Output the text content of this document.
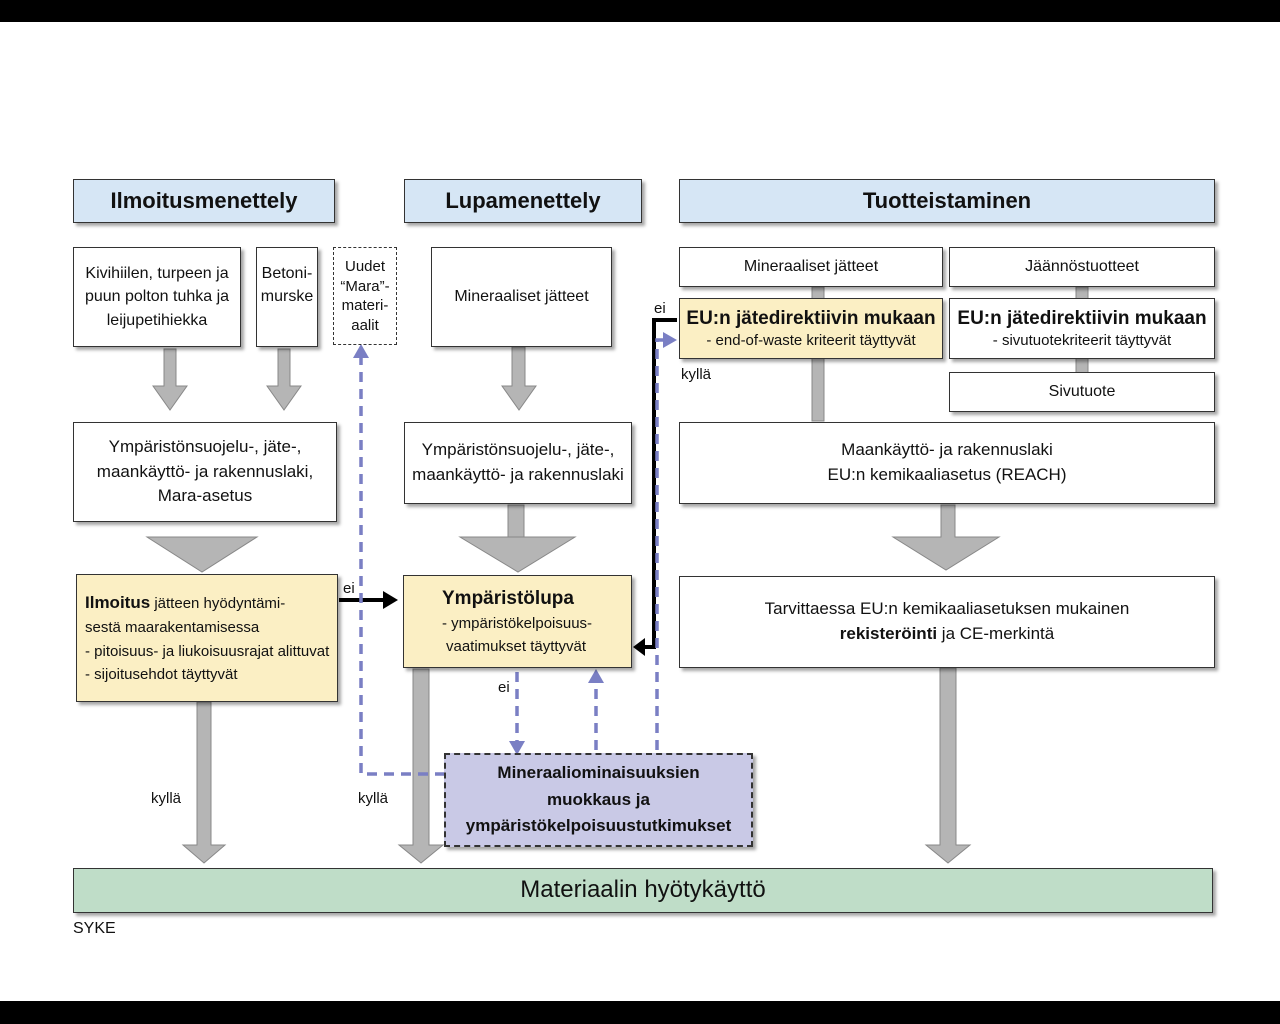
Ilmoitusmenettely	Lupamenettely	Tuotteistaminen
Kivihiilen, turpeen ja
puun polton tuhka ja
leijupetihiekka
Betoni-
murske
Uudet
“Mara”-
materi-
aalit
Ympäristönsuojelu-, jäte-,
maankäyttö- ja rakennuslaki,
Mara-asetus
Ilmoitus jätteen hyödyntämi-
sestä maarakentamisessa
- pitoisuus- ja liukoisuusrajat alittuvat
- sijoitusehdot täyttyvät
Mineraaliset jätteet
Ympäristönsuojelu-, jäte-,
maankäyttö- ja rakennuslaki
Ympäristölupa
- ympäristökelpoisuus-
vaatimukset täyttyvät
Mineraaliset jätteet	Jäännöstuotteet
EU:n jätedirektiivin mukaan
- end-of-waste kriteerit täyttyvät
EU:n jätedirektiivin mukaan
- sivutuotekriteerit täyttyvät
Sivutuote
Maankäyttö- ja rakennuslaki
EU:n kemikaaliasetus (REACH)
Tarvittaessa EU:n kemikaaliasetuksen mukainen
rekisteröinti ja CE-merkintä
Mineraaliominaisuuksien
muokkaus ja
ympäristökelpoisuustutkimukset
Materiaalin hyötykäyttö
ei
ei
kyllä
ei
kyllä	kyllä
SYKE
